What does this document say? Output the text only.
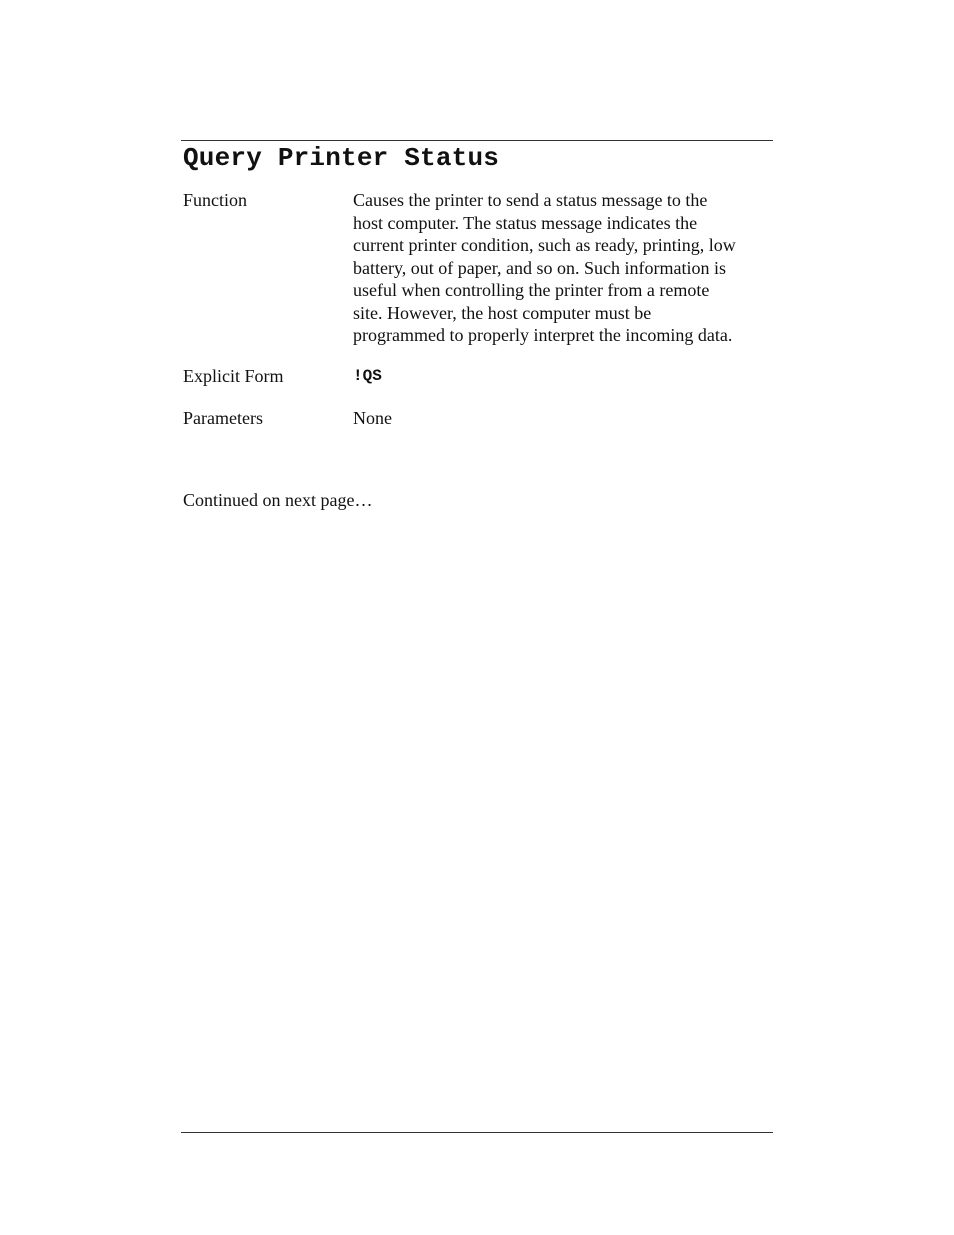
Query Printer Status
Function	Causes the printer to send a status message to the
host computer. The status message indicates the
current printer condition, such as ready, printing, low
battery, out of paper, and so on. Such information is
useful when controlling the printer from a remote
site. However, the host computer must be
programmed to properly interpret the incoming data.
Explicit Form	!QS
Parameters	None
Continued on next page…
